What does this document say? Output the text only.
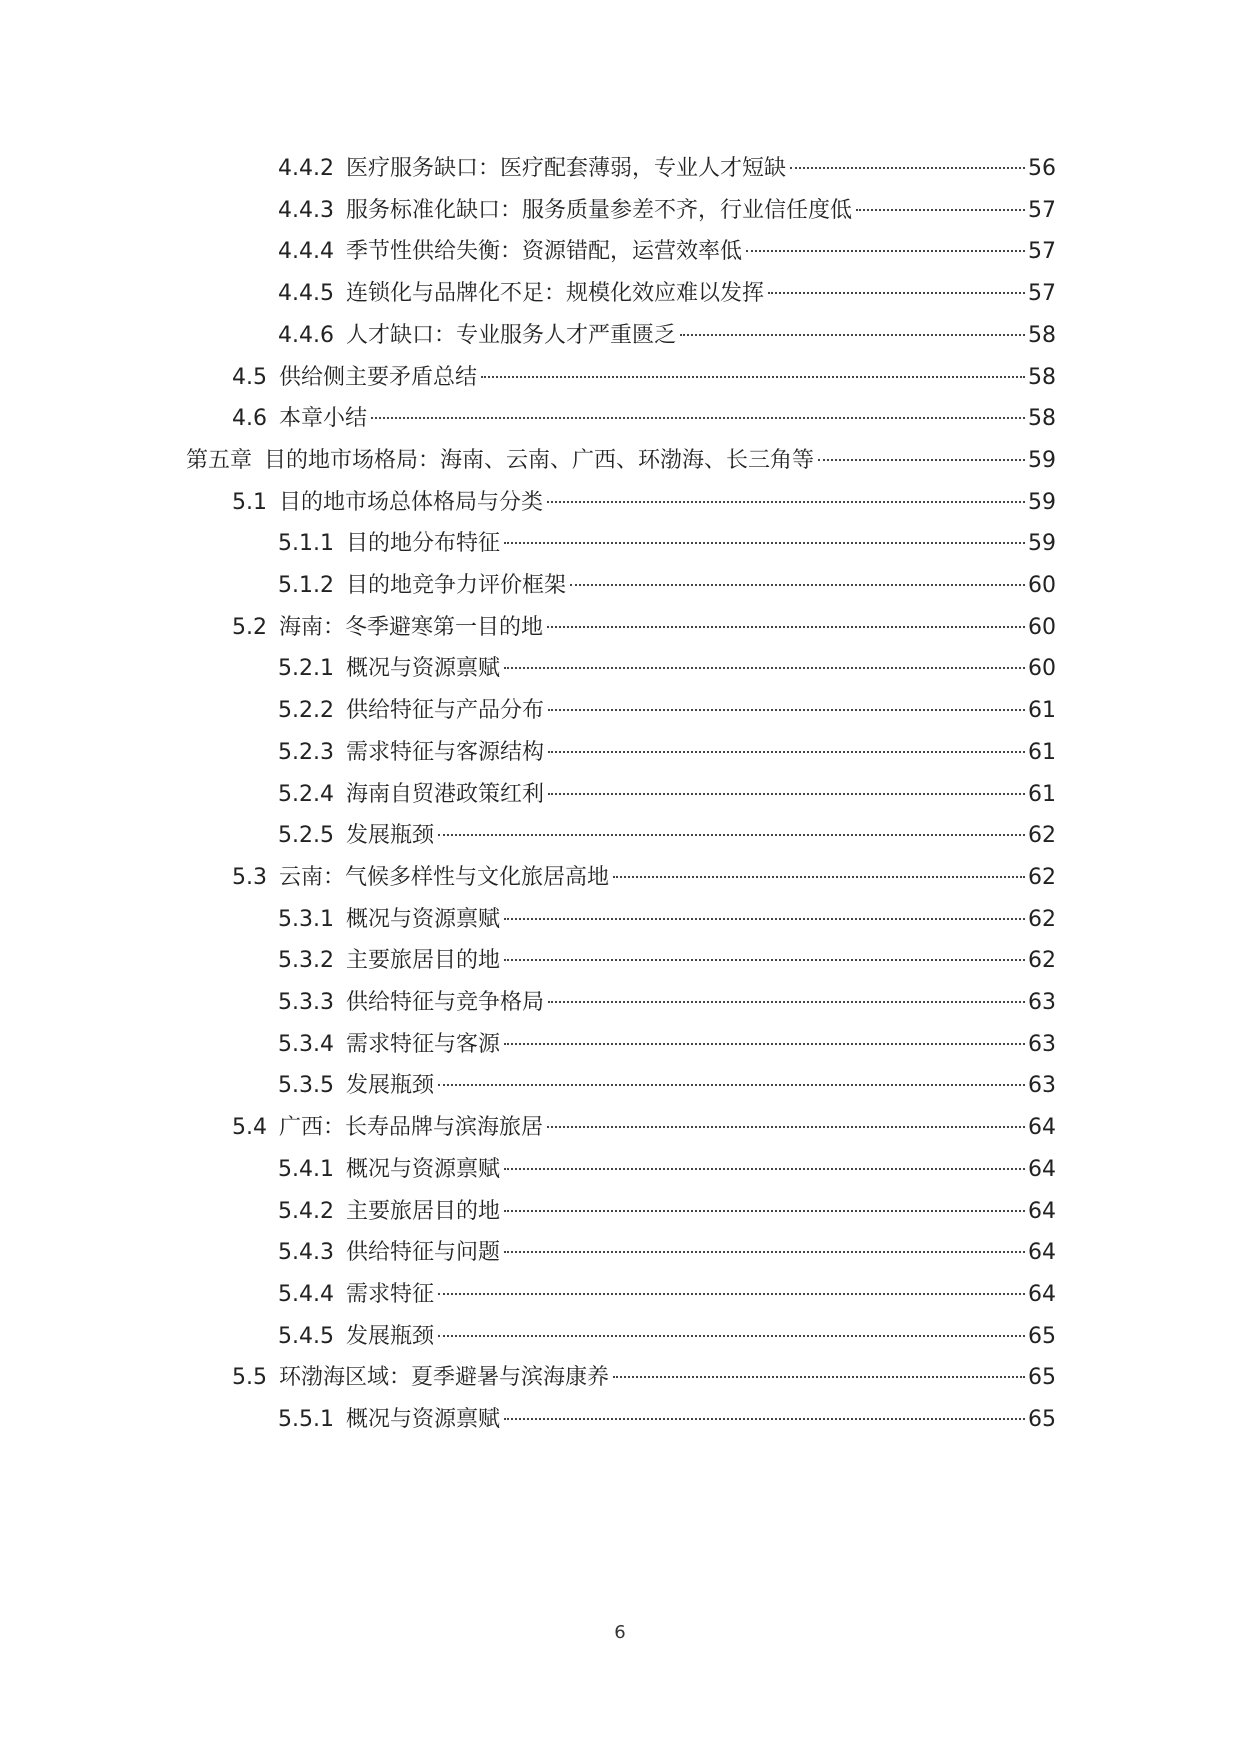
4.4.2 医疗服务缺口：医疗配套薄弱，专业人才短缺	56
4.4.3 服务标准化缺口：服务质量参差不齐，行业信任度低	57
4.4.4 季节性供给失衡：资源错配，运营效率低	57
4.4.5 连锁化与品牌化不足：规模化效应难以发挥	57
4.4.6 人才缺口：专业服务人才严重匮乏	58
4.5 供给侧主要矛盾总结	58
4.6 本章小结	58
第五章 目的地市场格局：海南、云南、广西、环渤海、长三角等	59
5.1 目的地市场总体格局与分类	59
5.1.1 目的地分布特征	59
5.1.2 目的地竞争力评价框架	60
5.2 海南：冬季避寒第一目的地	60
5.2.1 概况与资源禀赋	60
5.2.2 供给特征与产品分布	61
5.2.3 需求特征与客源结构	61
5.2.4 海南自贸港政策红利	61
5.2.5 发展瓶颈	62
5.3 云南：气候多样性与文化旅居高地	62
5.3.1 概况与资源禀赋	62
5.3.2 主要旅居目的地	62
5.3.3 供给特征与竞争格局	63
5.3.4 需求特征与客源	63
5.3.5 发展瓶颈	63
5.4 广西：长寿品牌与滨海旅居	64
5.4.1 概况与资源禀赋	64
5.4.2 主要旅居目的地	64
5.4.3 供给特征与问题	64
5.4.4 需求特征	64
5.4.5 发展瓶颈	65
5.5 环渤海区域：夏季避暑与滨海康养	65
5.5.1 概况与资源禀赋	65
6
